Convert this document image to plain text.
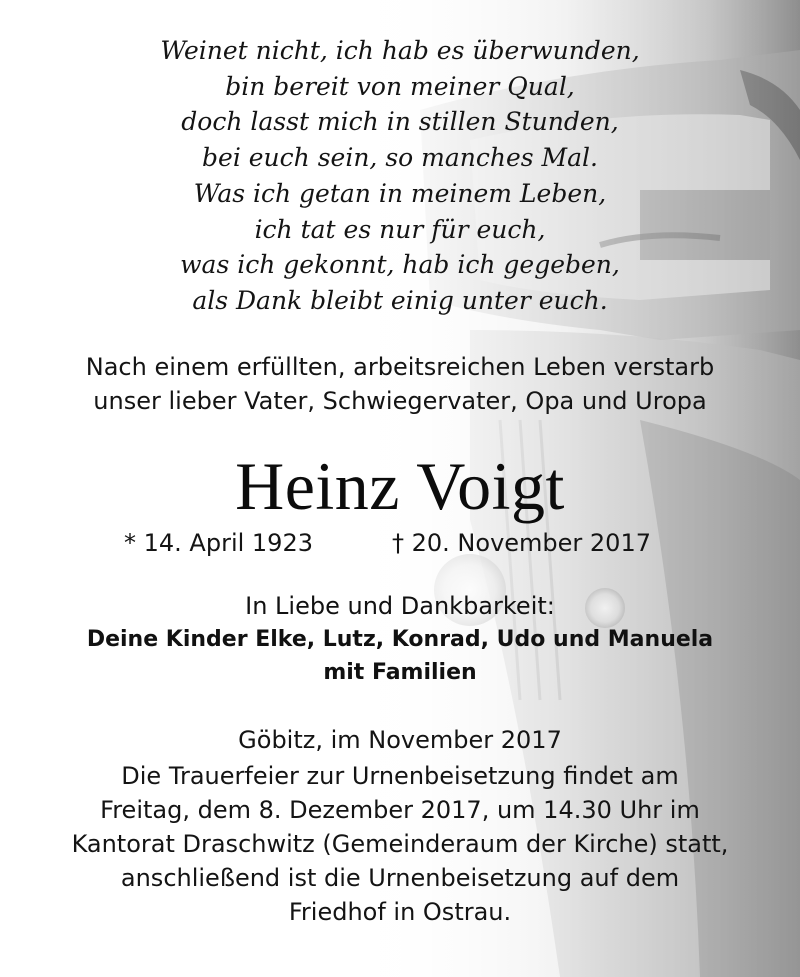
Weinet nicht, ich hab es überwunden,
bin bereit von meiner Qual,
doch lasst mich in stillen Stunden,
bei euch sein, so manches Mal.
Was ich getan in meinem Leben,
ich tat es nur für euch,
was ich gekonnt, hab ich gegeben,
als Dank bleibt einig unter euch.
Nach einem erfüllten, arbeitsreichen Leben verstarb
unser lieber Vater, Schwiegervater, Opa und Uropa
Heinz Voigt
* 14. April 1923	† 20. November 2017
In Liebe und Dankbarkeit:
Deine Kinder Elke, Lutz, Konrad, Udo und Manuela
mit Familien
Göbitz, im November 2017
Die Trauerfeier zur Urnenbeisetzung findet am
Freitag, dem 8. Dezember 2017, um 14.30 Uhr im
Kantorat Draschwitz (Gemeinderaum der Kirche) statt,
anschließend ist die Urnenbeisetzung auf dem
Friedhof in Ostrau.
